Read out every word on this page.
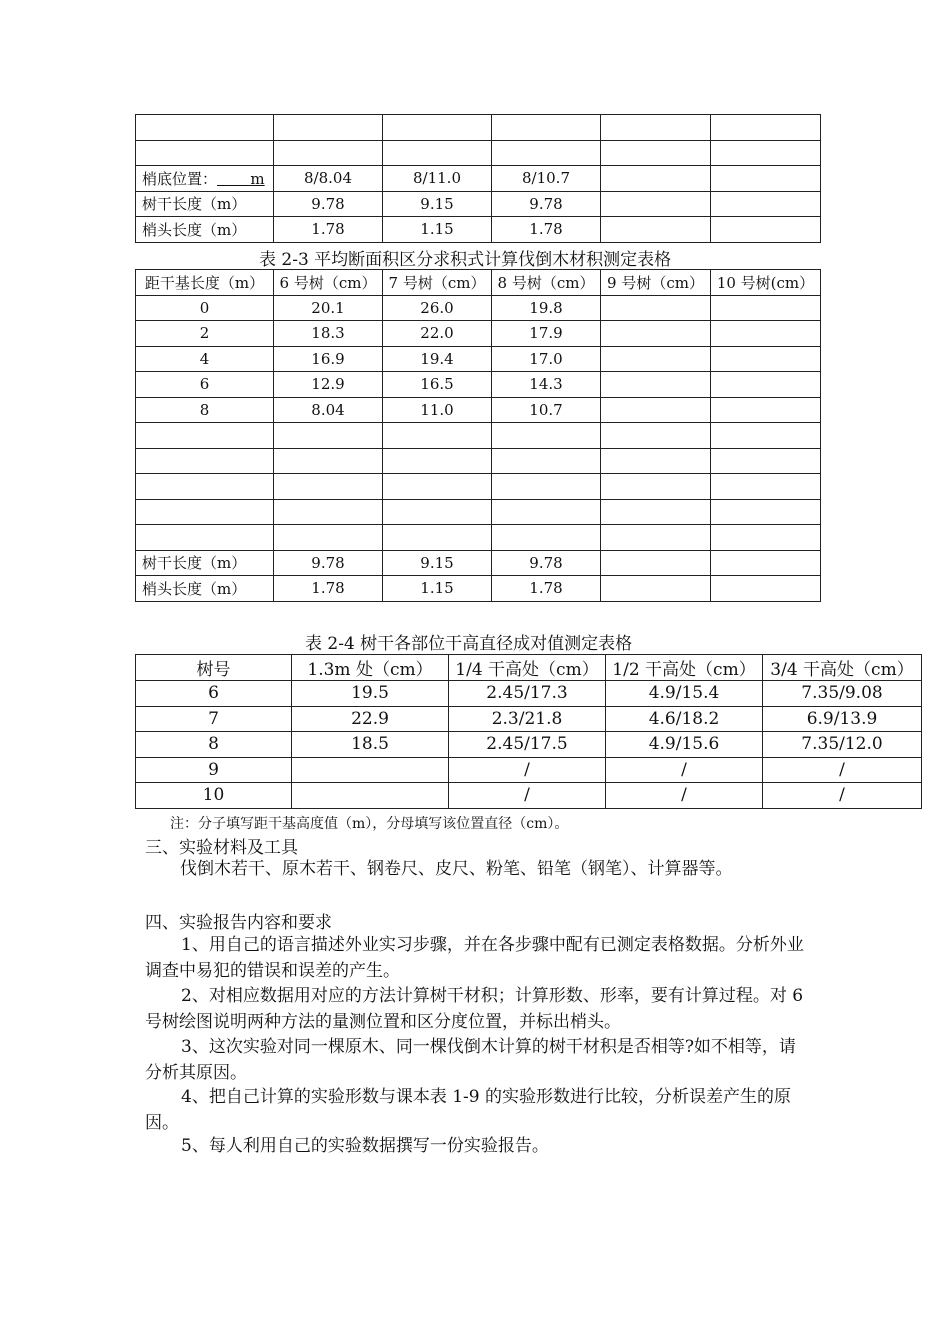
梢底位置： m	8/8.04	8/11.0	8/10.7		
树干长度（m）	9.78	9.15	9.78		
梢头长度（m）	1.78	1.15	1.78		
表 2-3 平均断面积区分求积式计算伐倒木材积测定表格
距干基长度（m）	6 号树（cm）	7 号树（cm）	8 号树（cm）	9 号树（cm）	10 号树(cm）
0	20.1	26.0	19.8		
2	18.3	22.0	17.9		
4	16.9	19.4	17.0		
6	12.9	16.5	14.3		
8	8.04	11.0	10.7		

树干长度（m）	9.78	9.15	9.78		
梢头长度（m）	1.78	1.15	1.78		
表 2-4 树干各部位干高直径成对值测定表格
树号	1.3m 处（cm）	1/4 干高处（cm）	1/2 干高处（cm）	3/4 干高处（cm）
6	19.5	2.45/17.3	4.9/15.4	7.35/9.08
7	22.9	2.3/21.8	4.6/18.2	6.9/13.9
8	18.5	2.45/17.5	4.9/15.6	7.35/12.0
9		/	/	/
10		/	/	/
注：分子填写距干基高度值（m），分母填写该位置直径（cm）。
三、实验材料及工具
伐倒木若干、原木若干、钢卷尺、皮尺、粉笔、铅笔（钢笔）、计算器等。
四、实验报告内容和要求
1、用自己的语言描述外业实习步骤，并在各步骤中配有已测定表格数据。分析外业调查中易犯的错误和误差的产生。
2、对相应数据用对应的方法计算树干材积；计算形数、形率，要有计算过程。对 6 号树绘图说明两种方法的量测位置和区分度位置，并标出梢头。
3、这次实验对同一棵原木、同一棵伐倒木计算的树干材积是否相等?如不相等，请分析其原因。
4、把自己计算的实验形数与课本表 1-9 的实验形数进行比较，分析误差产生的原因。
5、每人利用自己的实验数据撰写一份实验报告。
